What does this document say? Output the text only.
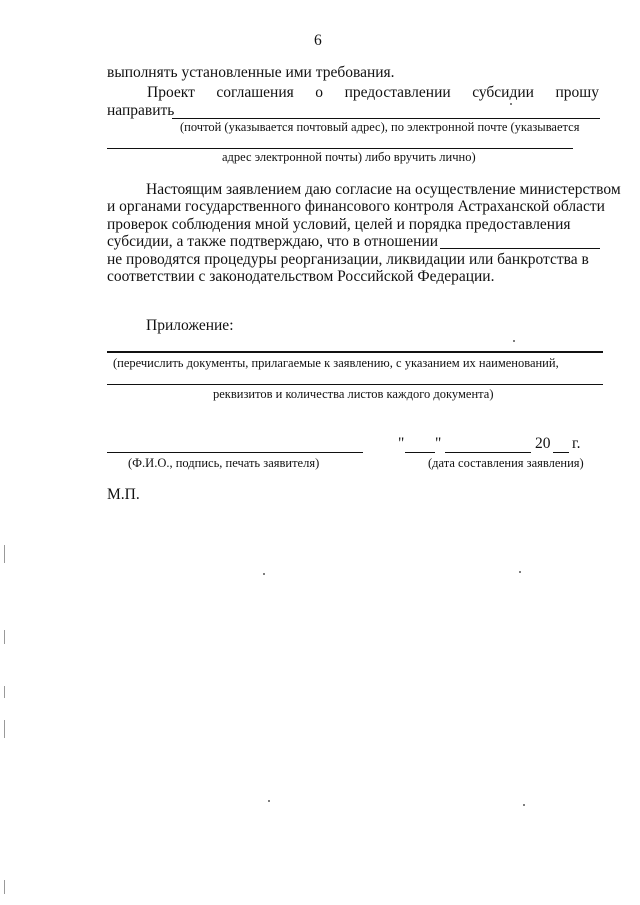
6
выполнять установленные ими требования.
Проект соглашения о предоставлении субсидии прошу
направить
(почтой (указывается почтовый адрес), по электронной почте (указывается
адрес электронной почты) либо вручить лично)
Настоящим заявлением даю согласие на осуществление министерством
и органами государственного финансового контроля Астраханской области
проверок соблюдения мной условий, целей и порядка предоставления
субсидии, а также подтверждаю, что в отношении
не проводятся процедуры реорганизации, ликвидации или банкротства в
соответствии с законодательством Российской Федерации.
Приложение:
(перечислить документы, прилагаемые к заявлению, с указанием их наименований,
реквизитов и количества листов каждого документа)
(Ф.И.О., подпись, печать заявителя)
" "	20 г.
(дата составления заявления)
М.П.
